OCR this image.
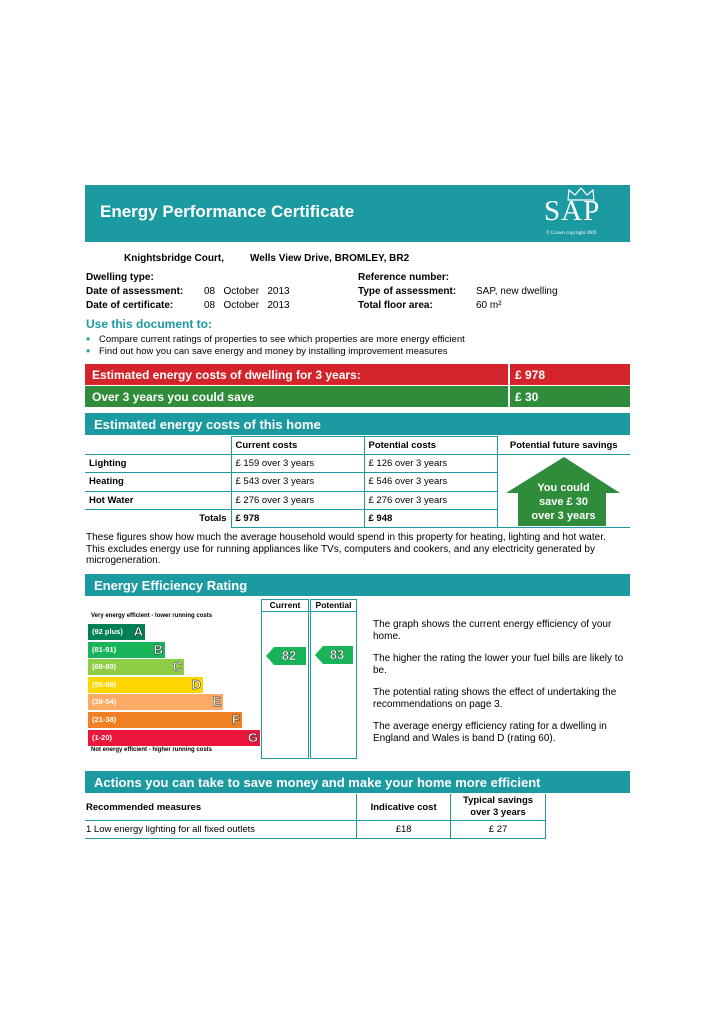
Energy Performance Certificate	SAP
© Crown copyright 2009
Knightsbridge Court,	Wells View Drive, BROMLEY, BR2
Dwelling type:
Date of assessment: 08   October   2013
Date of certificate:	08   October   2013
Reference number:
Type of assessment: SAP, new dwelling
Total floor area:	60 m²
Use this document to:
• Compare current ratings of properties to see which properties are more energy efficient
• Find out how you can save energy and money by installing improvement measures
Estimated energy costs of dwelling for 3 years:	£ 978
Over 3 years you could save	£ 30
Estimated energy costs of this home
	Current costs	Potential costs	Potential future savings
Lighting	£ 159 over 3 years	£ 126 over 3 years	You could
save £ 30
over 3 years

Heating	£ 543 over 3 years	£ 546 over 3 years	
Hot Water	£ 276 over 3 years	£ 276 over 3 years	
Totals	£ 978	£ 948	
These figures show how much the average household would spend in this property for heating, lighting and hot water. This excludes energy use for running appliances like TVs, computers and cookers, and any electricity generated by microgeneration.
Energy Efficiency Rating
Current	Potential
Very energy efficient - lower running costs
(92 plus) A
(81-91)	B
(69-80)	C
(55-68)	D
(39-54)	E
(21-38)	F
(1-20)	G
Not energy efficient - higher running costs
82	83
The graph shows the current energy efficiency of your home.
The higher the rating the lower your fuel bills are likely to be.
The potential rating shows the effect of undertaking the recommendations on page 3.
The average energy efficiency rating for a dwelling in England and Wales is band D (rating 60).
Actions you can take to save money and make your home more efficient
Recommended measures	Indicative cost	Typical savings over 3 years
1 Low energy lighting for all fixed outlets	£18	£ 27
